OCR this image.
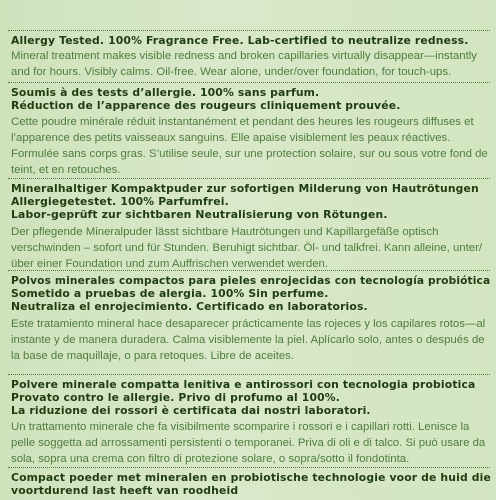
Allergy Tested. 100% Fragrance Free. Lab-certified to neutralize redness.
Mineral treatment makes visible redness and broken capillaries virtually disappear—instantly and for hours. Visibly calms. Oil-free. Wear alone, under/over foundation, for touch-ups.
Soumis à des tests d’allergie. 100% sans parfum.
Réduction de l’apparence des rougeurs cliniquement prouvée.
Cette poudre minérale réduit instantanément et pendant des heures les rougeurs diffuses et l’apparence des petits vaisseaux sanguins. Elle apaise visiblement les peaux réactives. Formulée sans corps gras. S’utilise seule, sur une protection solaire, sur ou sous votre fond de teint, et en retouches.
Mineralhaltiger Kompaktpuder zur sofortigen Milderung von Hautrötungen
Allergiegetestet. 100% Parfumfrei.
Labor-geprüft zur sichtbaren Neutralisierung von Rötungen.
Der pflegende Mineralpuder lässt sichtbare Hautrötungen und Kapillargefäße optisch verschwinden – sofort und für Stunden. Beruhigt sichtbar. Öl- und talkfrei. Kann alleine, unter/über einer Foundation und zum Auffrischen verwendet werden.
Polvos minerales compactos para pieles enrojecidas con tecnología probiótica
Sometido a pruebas de alergia. 100% Sin perfume.
Neutraliza el enrojecimiento. Certificado en laboratorios.
Este tratamiento mineral hace desaparecer prácticamente las rojeces y los capilares rotos—al instante y de manera duradera. Calma visiblemente la piel. Aplícarlo solo, antes o después de la base de maquillaje, o para retoques. Libre de aceites.
Polvere minerale compatta lenitiva e antirossori con tecnologia probiotica
Provato contro le allergie. Privo di profumo al 100%.
La riduzione dei rossori è certificata dai nostri laboratori.
Un trattamento minerale che fa visibilmente scomparire i rossori e i capillari rotti. Lenisce la pelle soggetta ad arrossamenti persistenti o temporanei. Priva di oli e di talco. Si può usare da sola, sopra una crema con filtro di protezione solare, o sopra/sotto il fondotinta.
Compact poeder met mineralen en probiotische technologie voor de huid die
voortdurend last heeft van roodheid
